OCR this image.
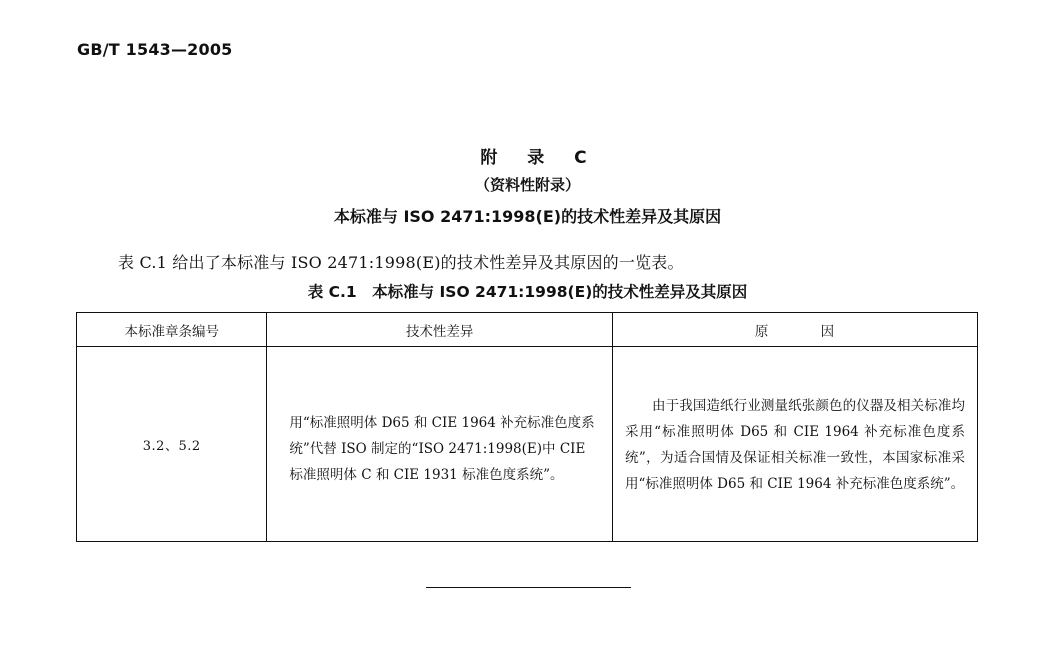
GB/T 1543—2005
附 录 C
（资料性附录）
本标准与 ISO 2471:1998(E)的技术性差异及其原因
表 C.1 给出了本标准与 ISO 2471:1998(E)的技术性差异及其原因的一览表。
表 C.1　本标准与 ISO 2471:1998(E)的技术性差异及其原因
本标准章条编号	技术性差异	原 因
3.2、5.2	用“标准照明体 D65 和 CIE 1964 补充标准色度系统”代替 ISO 制定的“ISO 2471:1998(E)中 CIE 标准照明体 C 和 CIE 1931 标准色度系统”。	由于我国造纸行业测量纸张颜色的仪器及相关标准均采用“标准照明体 D65 和 CIE 1964 补充标准色度系统”，为适合国情及保证相关标准一致性，本国家标准采用“标准照明体 D65 和 CIE 1964 补充标准色度系统”。
